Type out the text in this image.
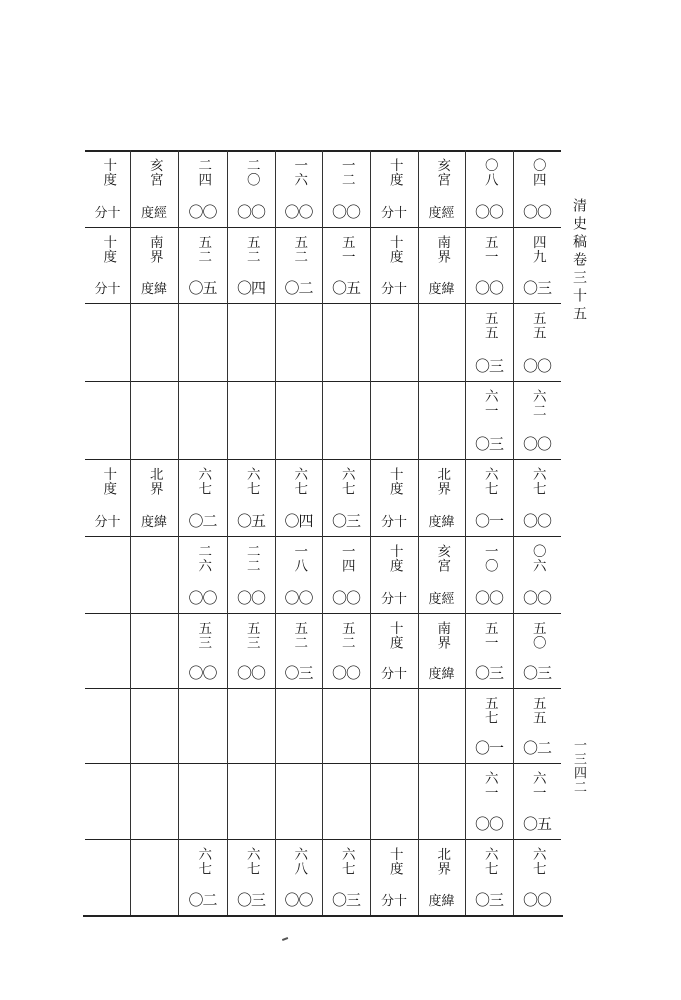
十度
分十
亥宮
度經
二四
〇〇
二〇
〇〇
一六
〇〇
一二
〇〇
十度
分十
亥宮
度經
〇八
〇〇
〇四
〇〇
十度
分十
南界
度緯
五二
〇五
五二
〇四
五二
〇二
五一
〇五
十度
分十
南界
度緯
五一
〇〇
四九
〇三
五五
〇三
五五
〇〇
六一
〇三
六二
〇〇
十度
分十
北界
度緯
六七
〇二
六七
〇五
六七
〇四
六七
〇三
十度
分十
北界
度緯
六七
〇一
六七
〇〇
二六
〇〇
二二
〇〇
一八
〇〇
一四
〇〇
十度
分十
亥宮
度經
一〇
〇〇
〇六
〇〇
五三
〇〇
五三
〇〇
五二
〇三
五二
〇〇
十度
分十
南界
度緯
五一
〇三
五〇
〇三
五七
〇一
五五
〇二
六一
〇〇
六一
〇五
六七
〇二
六七
〇三
六八
〇〇
六七
〇三
十度
分十
北界
度緯
六七
〇三
六七
〇〇
清史稿卷三十五
一三四二
